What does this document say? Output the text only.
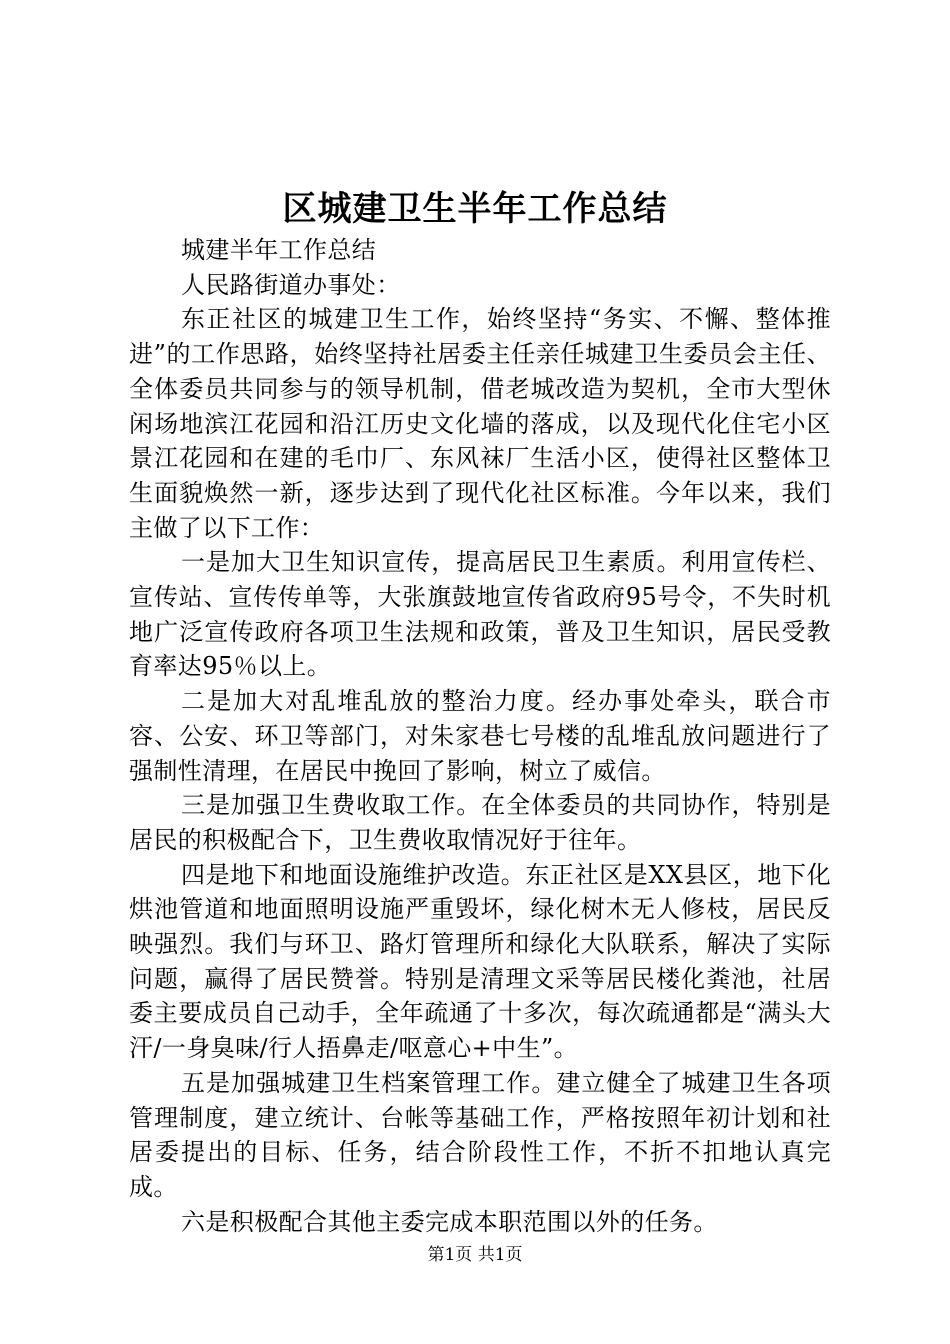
区城建卫生半年工作总结

城建半年工作总结

人民路街道办事处：

东正社区的城建卫生工作，始终坚持“务实、不懈、整体推进”的工作思路，始终坚持社居委主任亲任城建卫生委员会主任、全体委员共同参与的领导机制，借老城改造为契机，全市大型休闲场地滨江花园和沿江历史文化墙的落成，以及现代化住宅小区景江花园和在建的毛巾厂、东风袜厂生活小区，使得社区整体卫生面貌焕然一新，逐步达到了现代化社区标准。今年以来，我们主做了以下工作：

一是加大卫生知识宣传，提高居民卫生素质。利用宣传栏、宣传站、宣传传单等，大张旗鼓地宣传省政府95号令，不失时机地广泛宣传政府各项卫生法规和政策，普及卫生知识，居民受教育率达95％以上。

二是加大对乱堆乱放的整治力度。经办事处牵头，联合市容、公安、环卫等部门，对朱家巷七号楼的乱堆乱放问题进行了强制性清理，在居民中挽回了影响，树立了威信。

三是加强卫生费收取工作。在全体委员的共同协作，特别是居民的积极配合下，卫生费收取情况好于往年。

四是地下和地面设施维护改造。东正社区是XX县区，地下化烘池管道和地面照明设施严重毁坏，绿化树木无人修枝，居民反映强烈。我们与环卫、路灯管理所和绿化大队联系，解决了实际问题，赢得了居民赞誉。特别是清理文采等居民楼化粪池，社居委主要成员自己动手，全年疏通了十多次，每次疏通都是“满头大汗/一身臭味/行人捂鼻走/呕意心+中生”。

五是加强城建卫生档案管理工作。建立健全了城建卫生各项管理制度，建立统计、台帐等基础工作，严格按照年初计划和社居委提出的目标、任务，结合阶段性工作，不折不扣地认真完成。

六是积极配合其他主委完成本职范围以外的任务。

第1页 共1页
